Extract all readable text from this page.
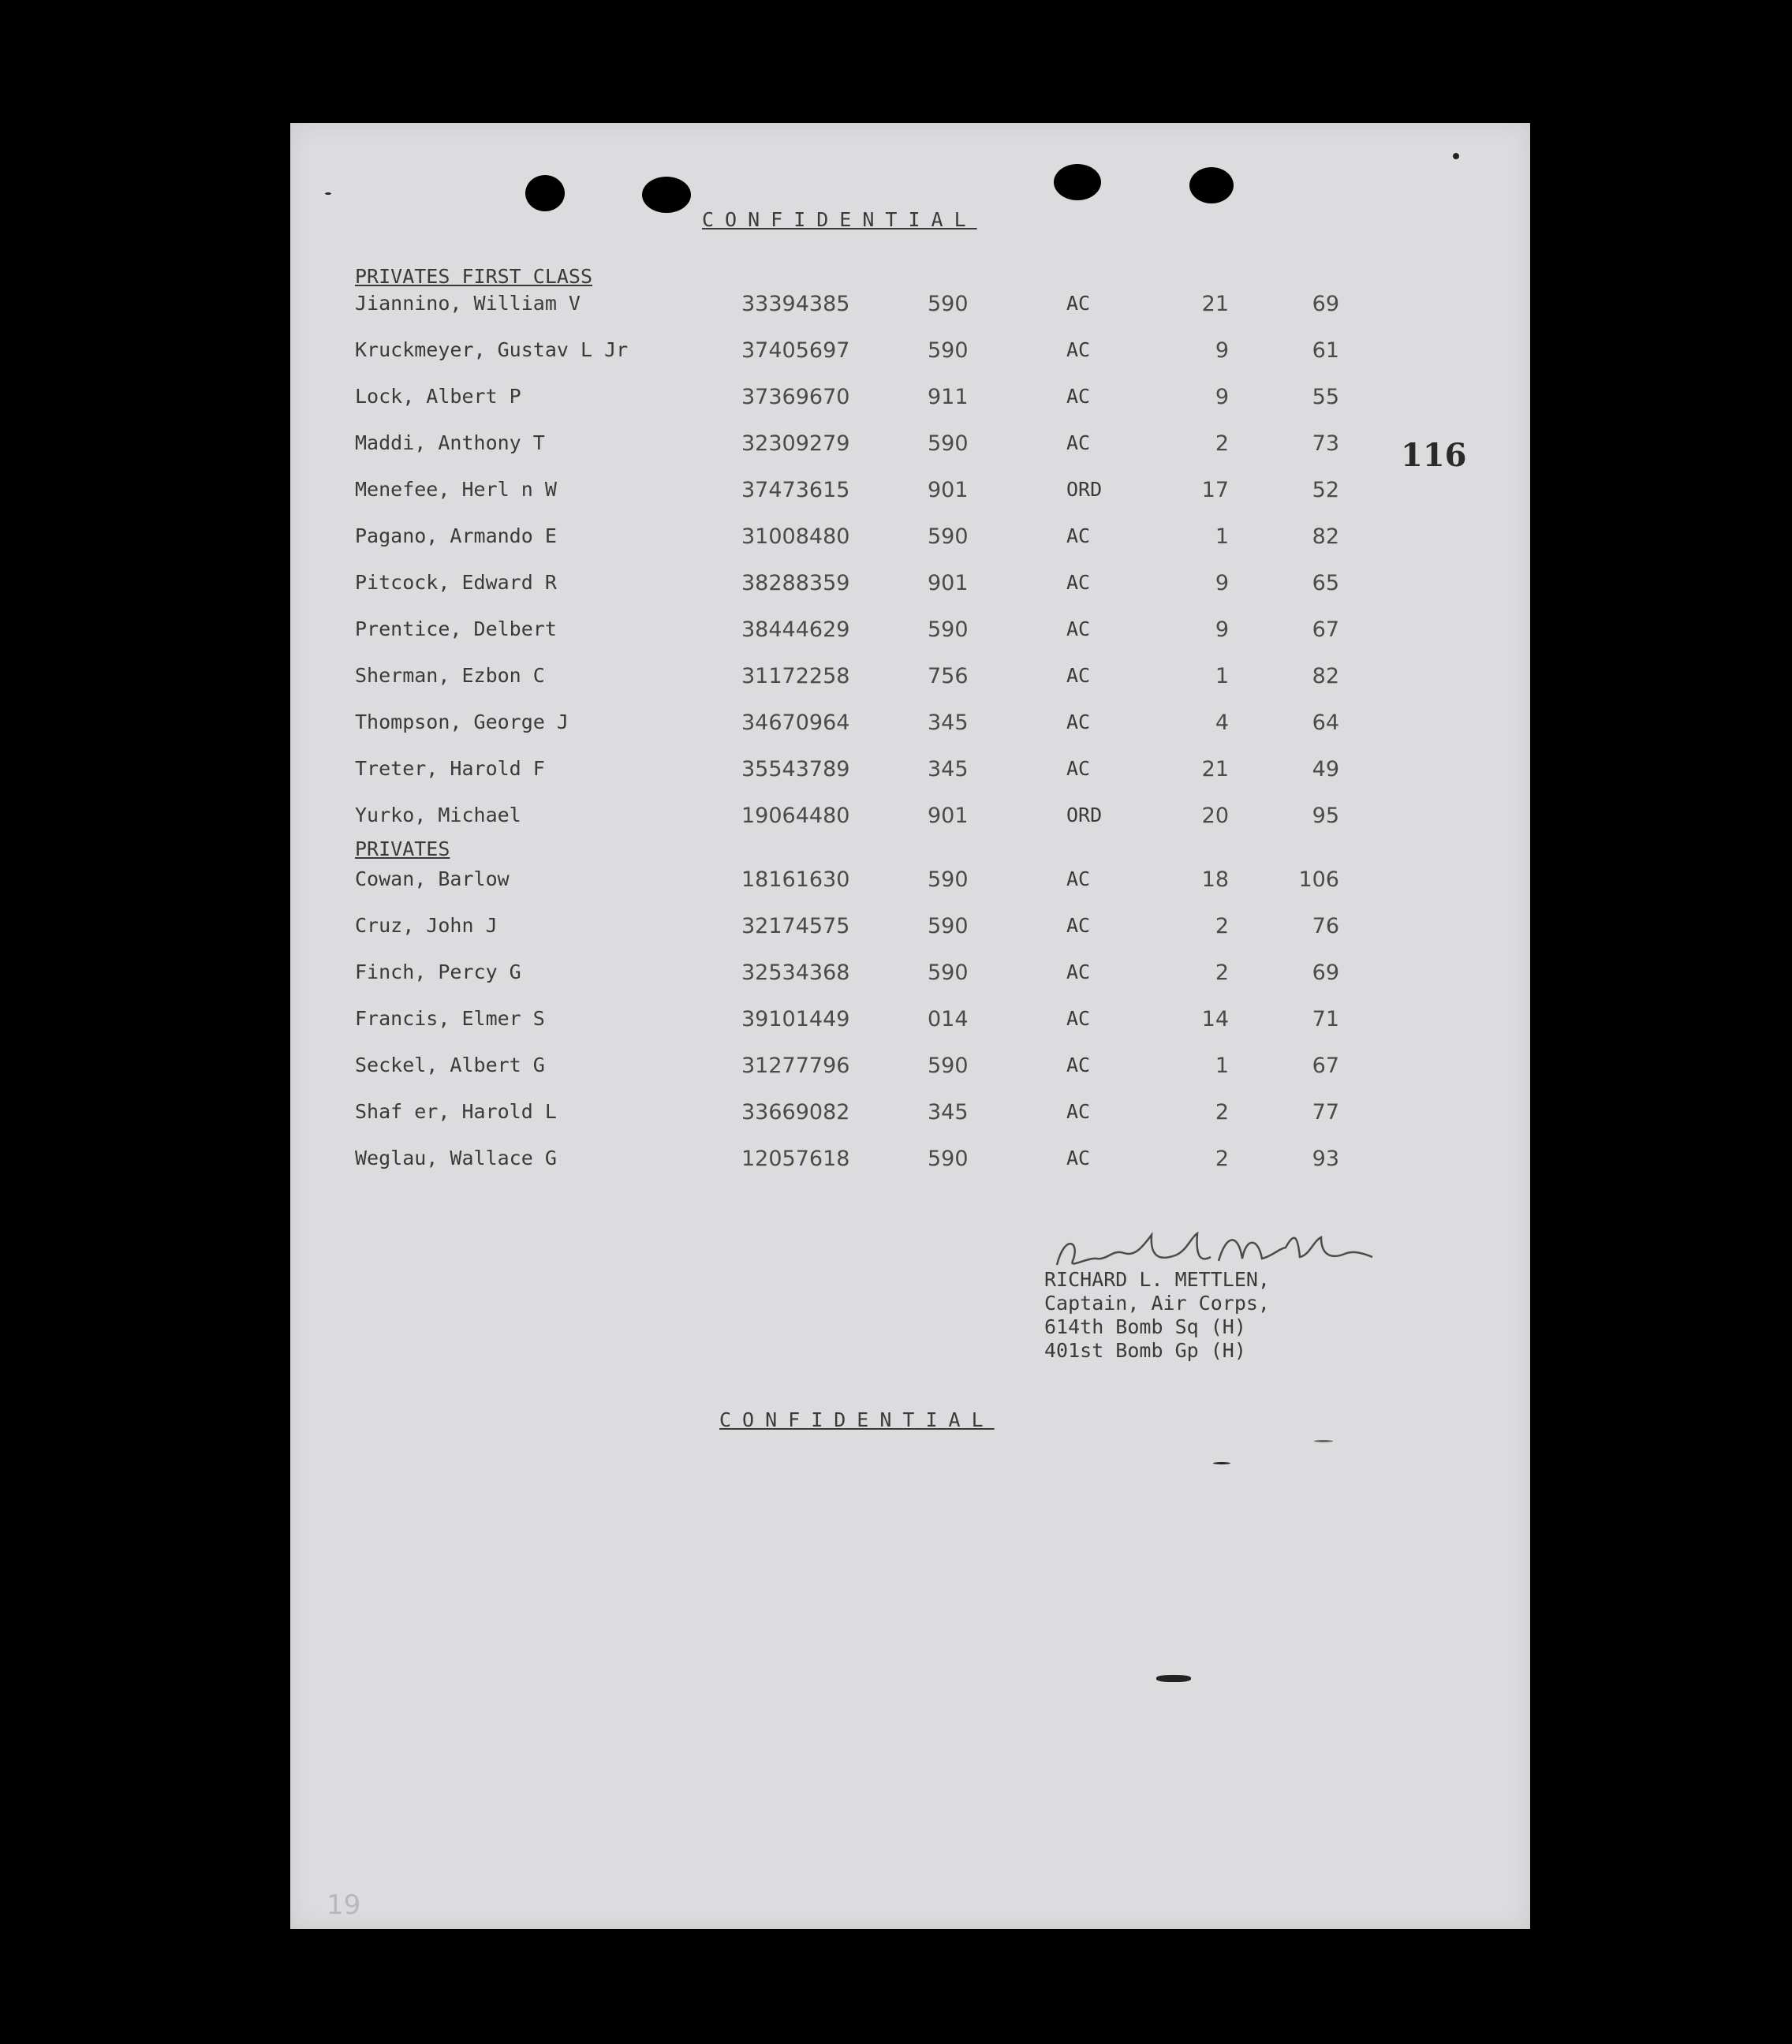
CONFIDENTIAL
116
PRIVATES FIRST CLASS
Jiannino, William V	33394385	590	AC	21	69
Kruckmeyer, Gustav L Jr	37405697	590	AC	9	61
Lock, Albert P	37369670	911	AC	9	55
Maddi, Anthony T	32309279	590	AC	2	73
Menefee, Herl n W	37473615	901	ORD	17	52
Pagano, Armando E	31008480	590	AC	1	82
Pitcock, Edward R	38288359	901	AC	9	65
Prentice, Delbert	38444629	590	AC	9	67
Sherman, Ezbon C	31172258	756	AC	1	82
Thompson, George J	34670964	345	AC	4	64
Treter, Harold F	35543789	345	AC	21	49
Yurko, Michael	19064480	901	ORD	20	95
PRIVATES
Cowan, Barlow	18161630	590	AC	18	106
Cruz, John J	32174575	590	AC	2	76
Finch, Percy G	32534368	590	AC	2	69
Francis, Elmer S	39101449	014	AC	14	71
Seckel, Albert G	31277796	590	AC	1	67
Shaf er, Harold L	33669082	345	AC	2	77
Weglau, Wallace G	12057618	590	AC	2	93
RICHARD L. METTLEN,
Captain, Air Corps,
614th Bomb Sq (H)
401st Bomb Gp (H)
CONFIDENTIAL
19
